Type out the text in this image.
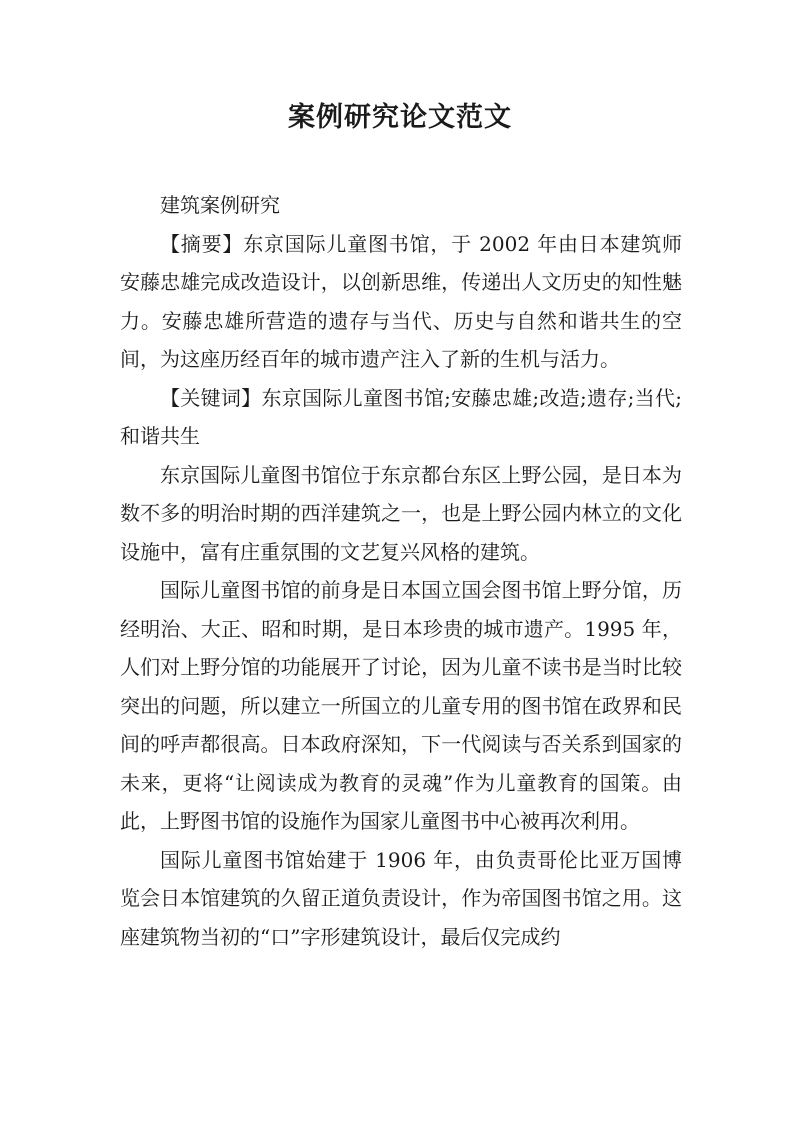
案例研究论文范文

建筑案例研究

【摘要】东京国际儿童图书馆，于 2002 年由日本建筑师安藤忠雄完成改造设计，以创新思维，传递出人文历史的知性魅力。安藤忠雄所营造的遗存与当代、历史与自然和谐共生的空间，为这座历经百年的城市遗产注入了新的生机与活力。

【关键词】东京国际儿童图书馆;安藤忠雄;改造;遗存;当代;和谐共生

东京国际儿童图书馆位于东京都台东区上野公园，是日本为数不多的明治时期的西洋建筑之一，也是上野公园内林立的文化设施中，富有庄重氛围的文艺复兴风格的建筑。

国际儿童图书馆的前身是日本国立国会图书馆上野分馆，历经明治、大正、昭和时期，是日本珍贵的城市遗产。1995 年，人们对上野分馆的功能展开了讨论，因为儿童不读书是当时比较突出的问题，所以建立一所国立的儿童专用的图书馆在政界和民间的呼声都很高。日本政府深知，下一代阅读与否关系到国家的未来，更将“让阅读成为教育的灵魂”作为儿童教育的国策。由此，上野图书馆的设施作为国家儿童图书中心被再次利用。

国际儿童图书馆始建于 1906 年，由负责哥伦比亚万国博览会日本馆建筑的久留正道负责设计，作为帝国图书馆之用。这座建筑物当初的“口”字形建筑设计，最后仅完成约
